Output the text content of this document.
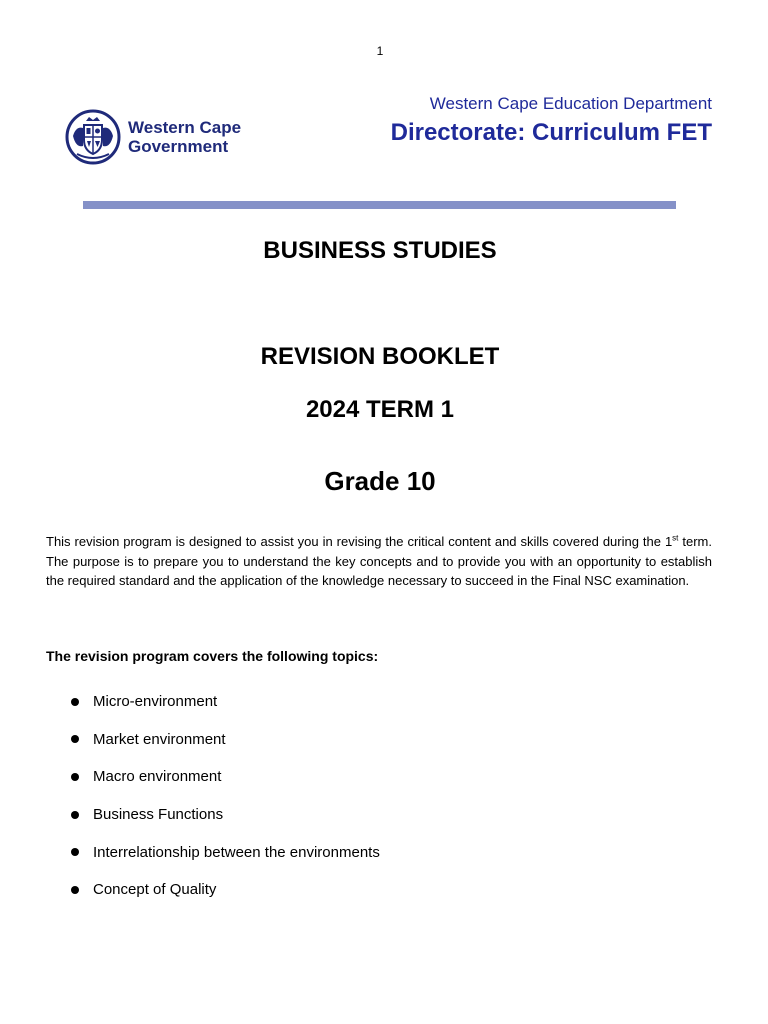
1
Western Cape
Government
Western Cape Education Department
Directorate: Curriculum FET
BUSINESS STUDIES
REVISION BOOKLET
2024 TERM 1
Grade 10

This revision program is designed to assist you in revising the critical content and skills covered during the 1st term. The purpose is to prepare you to understand the key concepts and to provide you with an opportunity to establish the required standard and the application of the knowledge necessary to succeed in the Final NSC examination.

The revision program covers the following topics:
Micro-environment
Market environment
Macro environment
Business Functions
Interrelationship between the environments
Concept of Quality
